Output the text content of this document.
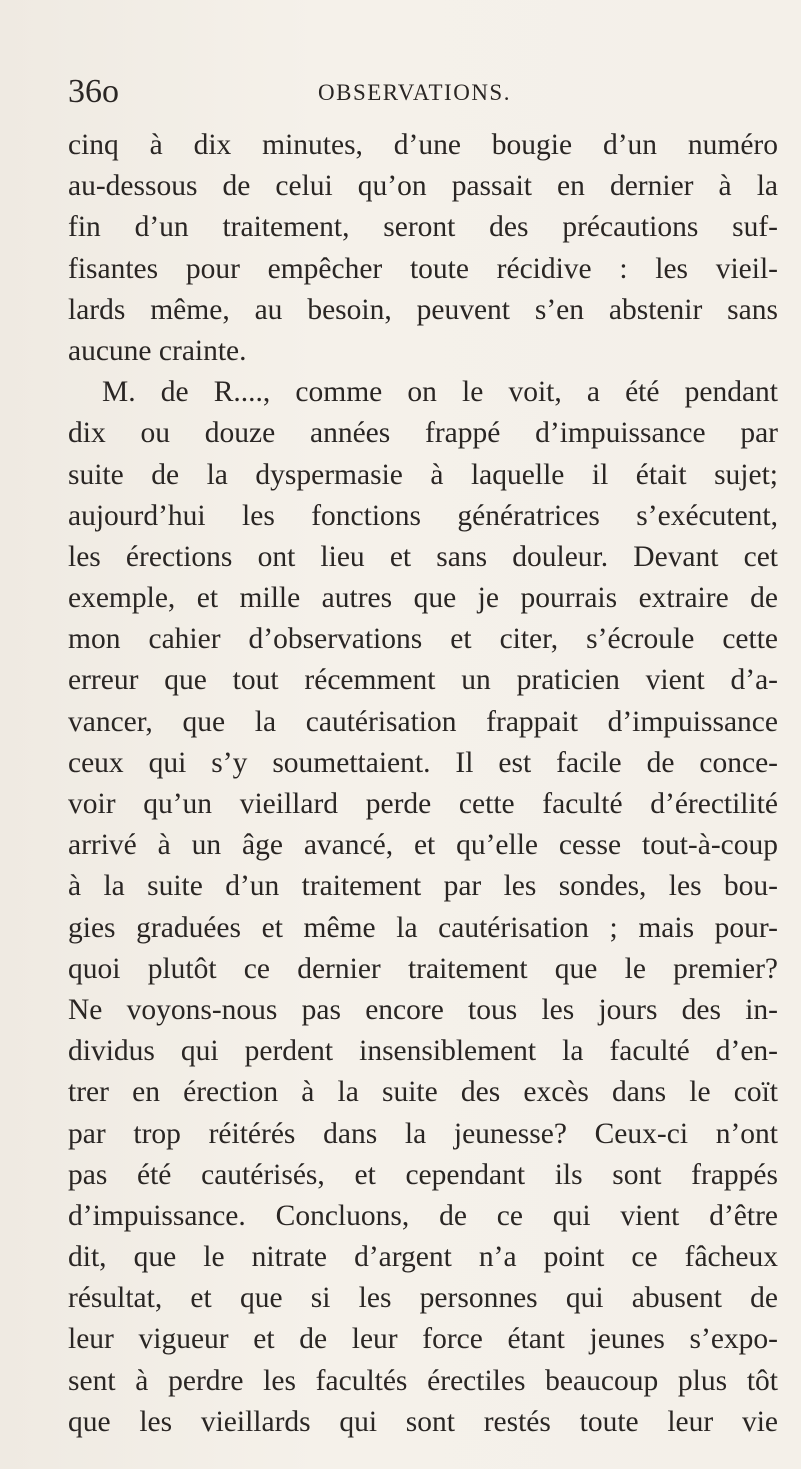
36o	OBSERVATIONS.
cinq à dix minutes, d’une bougie d’un numéro
au-dessous de celui qu’on passait en dernier à la
fin d’un traitement, seront des précautions suf-
fisantes pour empêcher toute récidive : les vieil-
lards même, au besoin, peuvent s’en abstenir sans
aucune crainte.
M. de R...., comme on le voit, a été pendant
dix ou douze années frappé d’impuissance par
suite de la dyspermasie à laquelle il était sujet;
aujourd’hui les fonctions génératrices s’exécutent,
les érections ont lieu et sans douleur. Devant cet
exemple, et mille autres que je pourrais extraire de
mon cahier d’observations et citer, s’écroule cette
erreur que tout récemment un praticien vient d’a-
vancer, que la cautérisation frappait d’impuissance
ceux qui s’y soumettaient. Il est facile de conce-
voir qu’un vieillard perde cette faculté d’érectilité
arrivé à un âge avancé, et qu’elle cesse tout-à-coup
à la suite d’un traitement par les sondes, les bou-
gies graduées et même la cautérisation ; mais pour-
quoi plutôt ce dernier traitement que le premier?
Ne voyons-nous pas encore tous les jours des in-
dividus qui perdent insensiblement la faculté d’en-
trer en érection à la suite des excès dans le coït
par trop réitérés dans la jeunesse? Ceux-ci n’ont
pas été cautérisés, et cependant ils sont frappés
d’impuissance. Concluons, de ce qui vient d’être
dit, que le nitrate d’argent n’a point ce fâcheux
résultat, et que si les personnes qui abusent de
leur vigueur et de leur force étant jeunes s’expo-
sent à perdre les facultés érectiles beaucoup plus tôt
que les vieillards qui sont restés toute leur vie
